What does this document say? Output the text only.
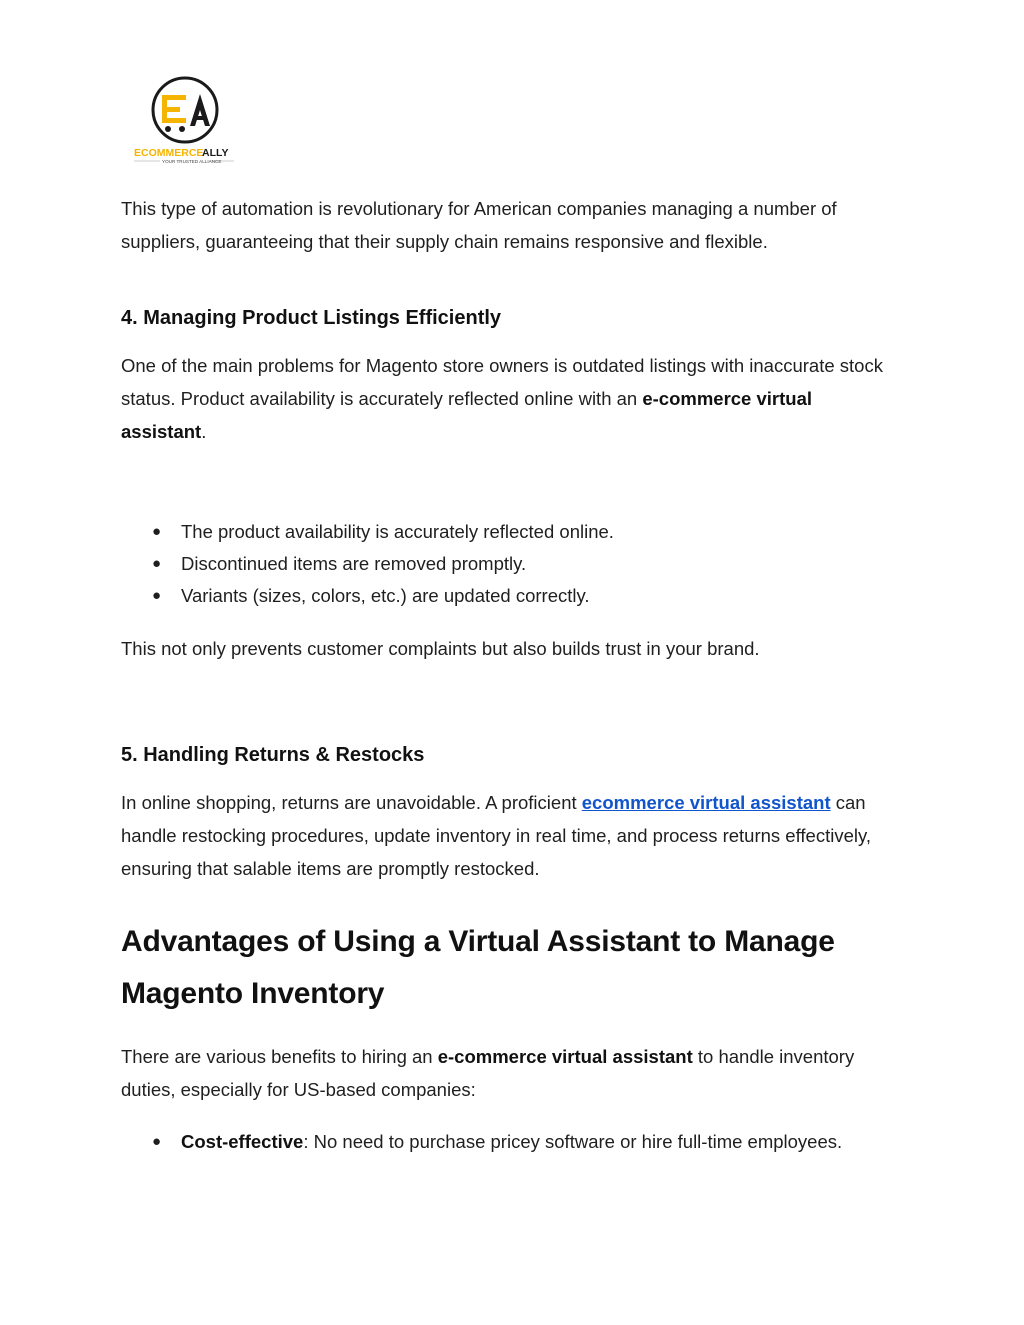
ECOMMERCE
ALLY
YOUR TRUSTED ALLIANCE

This type of automation is revolutionary for American companies managing a number of suppliers, guaranteeing that their supply chain remains responsive and flexible.

4. Managing Product Listings Efficiently

One of the main problems for Magento store owners is outdated listings with inaccurate stock status. Product availability is accurately reflected online with an e-commerce virtual assistant.

● The product availability is accurately reflected online.
● Discontinued items are removed promptly.
● Variants (sizes, colors, etc.) are updated correctly.

This not only prevents customer complaints but also builds trust in your brand.

5. Handling Returns & Restocks

In online shopping, returns are unavoidable. A proficient ecommerce virtual assistant can handle restocking procedures, update inventory in real time, and process returns effectively, ensuring that salable items are promptly restocked.

Advantages of Using a Virtual Assistant to Manage Magento Inventory

There are various benefits to hiring an e-commerce virtual assistant to handle inventory duties, especially for US-based companies:

● Cost-effective: No need to purchase pricey software or hire full-time employees.
